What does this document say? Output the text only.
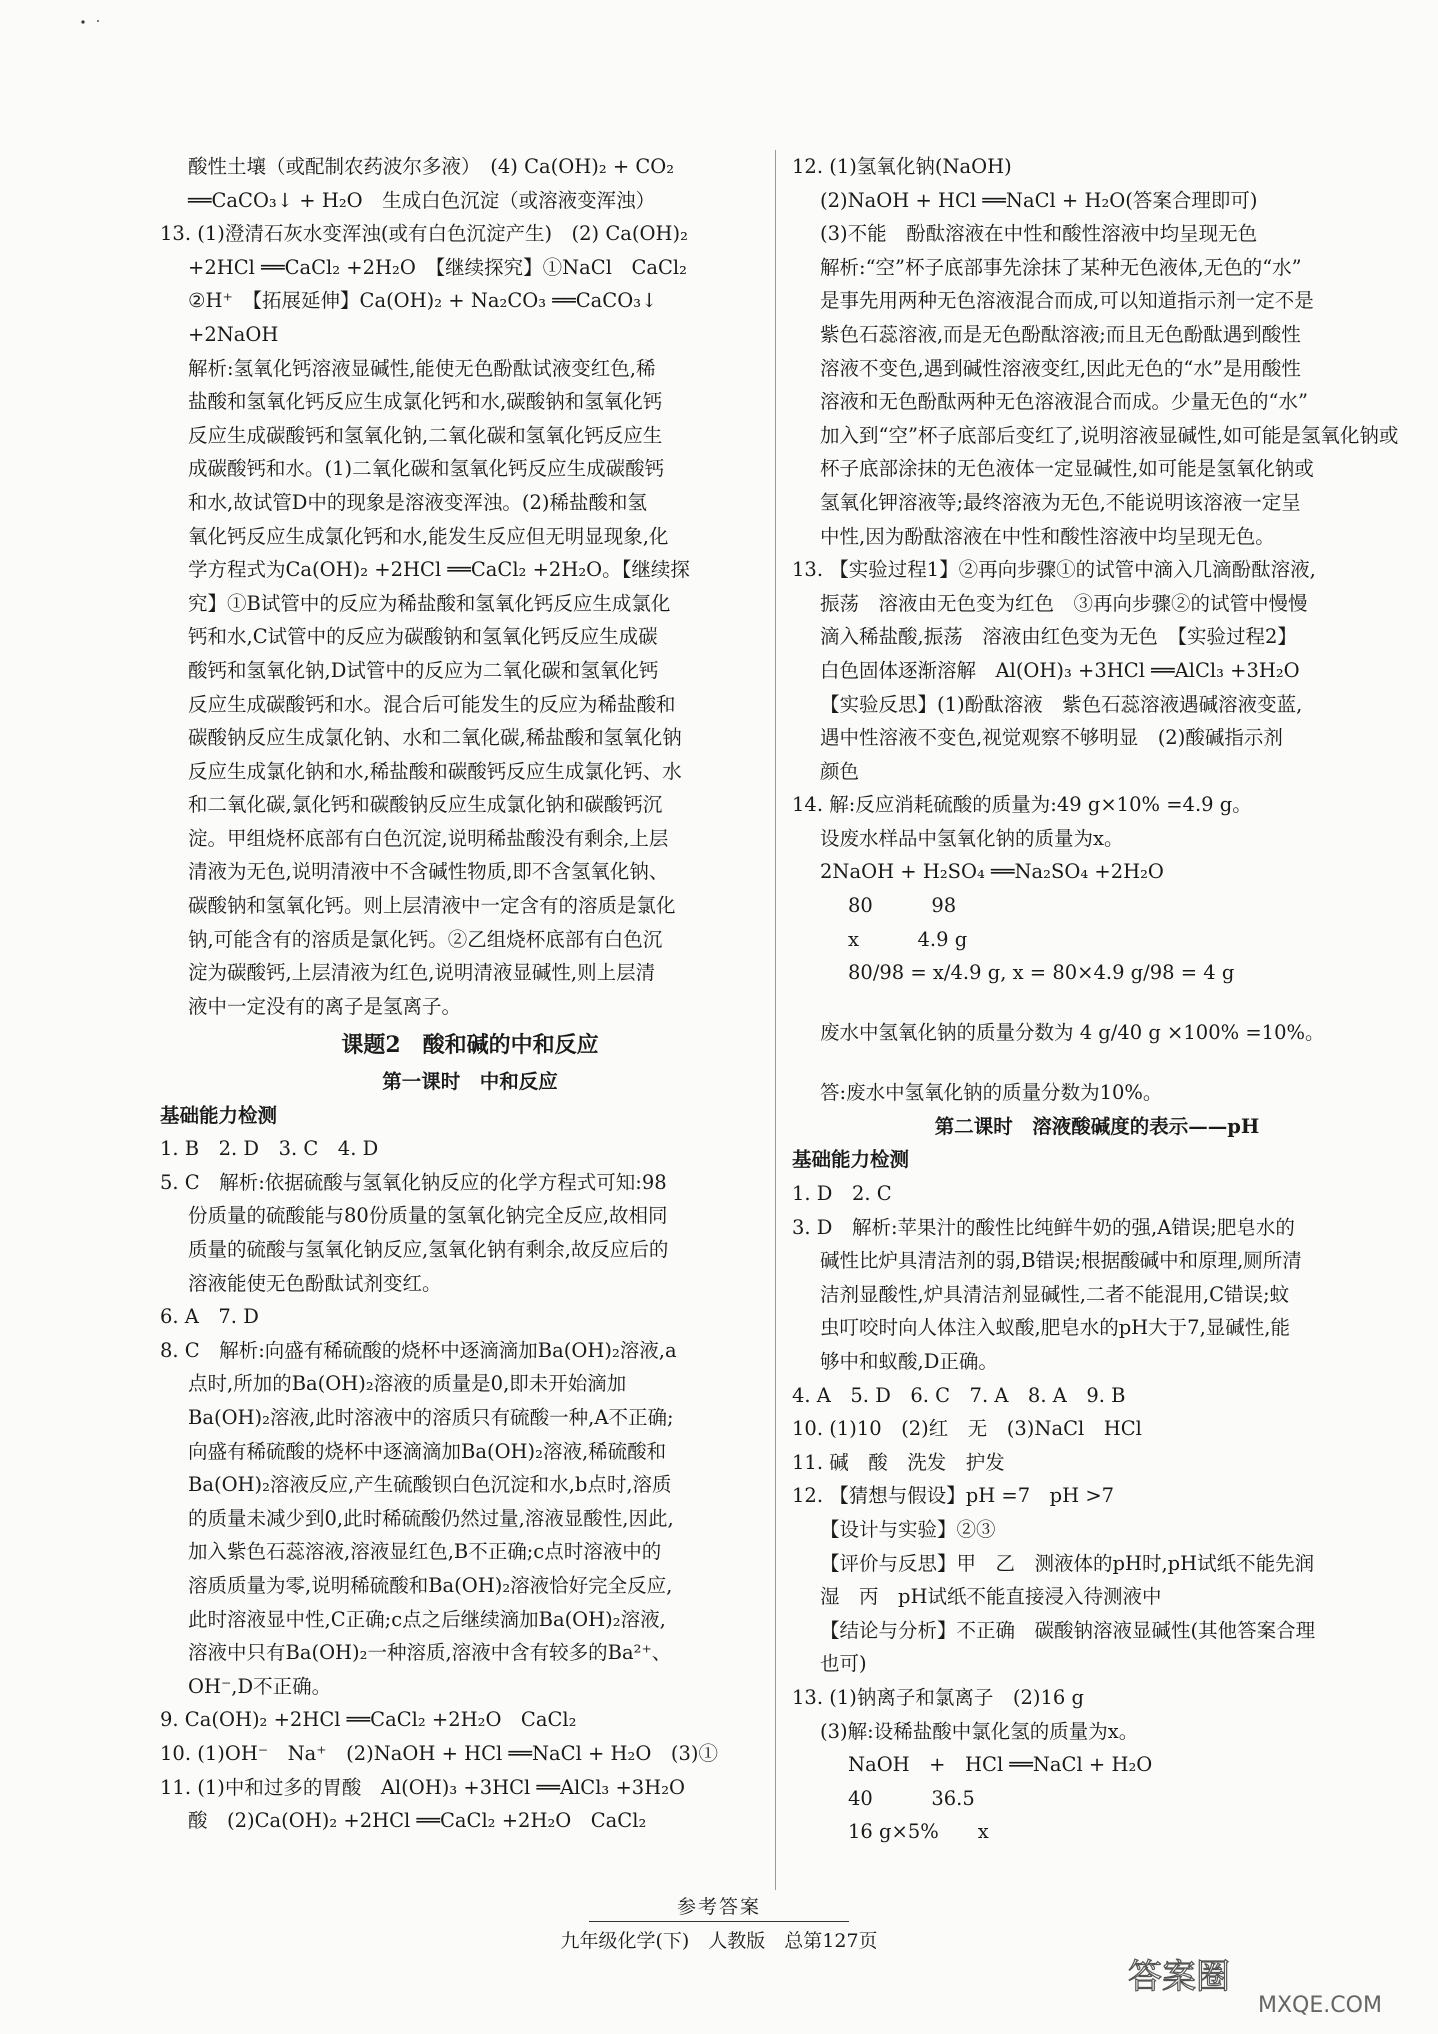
酸性土壤（或配制农药波尔多液）　(4) Ca(OH)₂ + CO₂
══CaCO₃↓ + H₂O　生成白色沉淀（或溶液变浑浊）
13. (1)澄清石灰水变浑浊(或有白色沉淀产生)　(2) Ca(OH)₂
+2HCl ══CaCl₂ +2H₂O　【继续探究】①NaCl　CaCl₂
②H⁺　【拓展延伸】Ca(OH)₂ + Na₂CO₃ ══CaCO₃↓
+2NaOH
解析:氢氧化钙溶液显碱性,能使无色酚酞试液变红色,稀
盐酸和氢氧化钙反应生成氯化钙和水,碳酸钠和氢氧化钙
反应生成碳酸钙和氢氧化钠,二氧化碳和氢氧化钙反应生
成碳酸钙和水。(1)二氧化碳和氢氧化钙反应生成碳酸钙
和水,故试管D中的现象是溶液变浑浊。(2)稀盐酸和氢
氧化钙反应生成氯化钙和水,能发生反应但无明显现象,化
学方程式为Ca(OH)₂ +2HCl ══CaCl₂ +2H₂O。【继续探
究】①B试管中的反应为稀盐酸和氢氧化钙反应生成氯化
钙和水,C试管中的反应为碳酸钠和氢氧化钙反应生成碳
酸钙和氢氧化钠,D试管中的反应为二氧化碳和氢氧化钙
反应生成碳酸钙和水。混合后可能发生的反应为稀盐酸和
碳酸钠反应生成氯化钠、水和二氧化碳,稀盐酸和氢氧化钠
反应生成氯化钠和水,稀盐酸和碳酸钙反应生成氯化钙、水
和二氧化碳,氯化钙和碳酸钠反应生成氯化钠和碳酸钙沉
淀。甲组烧杯底部有白色沉淀,说明稀盐酸没有剩余,上层
清液为无色,说明清液中不含碱性物质,即不含氢氧化钠、
碳酸钠和氢氧化钙。则上层清液中一定含有的溶质是氯化
钠,可能含有的溶质是氯化钙。②乙组烧杯底部有白色沉
淀为碳酸钙,上层清液为红色,说明清液显碱性,则上层清
液中一定没有的离子是氢离子。
课题2　酸和碱的中和反应
第一课时　中和反应
基础能力检测
1. B　2. D　3. C　4. D
5. C　解析:依据硫酸与氢氧化钠反应的化学方程式可知:98
份质量的硫酸能与80份质量的氢氧化钠完全反应,故相同
质量的硫酸与氢氧化钠反应,氢氧化钠有剩余,故反应后的
溶液能使无色酚酞试剂变红。
6. A　7. D
8. C　解析:向盛有稀硫酸的烧杯中逐滴滴加Ba(OH)₂溶液,a
点时,所加的Ba(OH)₂溶液的质量是0,即未开始滴加
Ba(OH)₂溶液,此时溶液中的溶质只有硫酸一种,A不正确;
向盛有稀硫酸的烧杯中逐滴滴加Ba(OH)₂溶液,稀硫酸和
Ba(OH)₂溶液反应,产生硫酸钡白色沉淀和水,b点时,溶质
的质量未减少到0,此时稀硫酸仍然过量,溶液显酸性,因此,
加入紫色石蕊溶液,溶液显红色,B不正确;c点时溶液中的
溶质质量为零,说明稀硫酸和Ba(OH)₂溶液恰好完全反应,
此时溶液显中性,C正确;c点之后继续滴加Ba(OH)₂溶液,
溶液中只有Ba(OH)₂一种溶质,溶液中含有较多的Ba²⁺、
OH⁻,D不正确。
9. Ca(OH)₂ +2HCl ══CaCl₂ +2H₂O　CaCl₂
10. (1)OH⁻　Na⁺　(2)NaOH + HCl ══NaCl + H₂O　(3)①
11. (1)中和过多的胃酸　Al(OH)₃ +3HCl ══AlCl₃ +3H₂O
酸　(2)Ca(OH)₂ +2HCl ══CaCl₂ +2H₂O　CaCl₂
12. (1)氢氧化钠(NaOH)
(2)NaOH + HCl ══NaCl + H₂O(答案合理即可)
(3)不能　酚酞溶液在中性和酸性溶液中均呈现无色
解析:“空”杯子底部事先涂抹了某种无色液体,无色的“水”
是事先用两种无色溶液混合而成,可以知道指示剂一定不是
紫色石蕊溶液,而是无色酚酞溶液;而且无色酚酞遇到酸性
溶液不变色,遇到碱性溶液变红,因此无色的“水”是用酸性
溶液和无色酚酞两种无色溶液混合而成。少量无色的“水”
加入到“空”杯子底部后变红了,说明溶液显碱性,如可能是氢氧化钠或
杯子底部涂抹的无色液体一定显碱性,如可能是氢氧化钠或
氢氧化钾溶液等;最终溶液为无色,不能说明该溶液一定呈
中性,因为酚酞溶液在中性和酸性溶液中均呈现无色。
13. 【实验过程1】②再向步骤①的试管中滴入几滴酚酞溶液,
振荡　溶液由无色变为红色　③再向步骤②的试管中慢慢
滴入稀盐酸,振荡　溶液由红色变为无色　【实验过程2】
白色固体逐渐溶解　Al(OH)₃ +3HCl ══AlCl₃ +3H₂O
【实验反思】(1)酚酞溶液　紫色石蕊溶液遇碱溶液变蓝,
遇中性溶液不变色,视觉观察不够明显　(2)酸碱指示剂
颜色
14. 解:反应消耗硫酸的质量为:49 g×10% =4.9 g。
设废水样品中氢氧化钠的质量为x。
2NaOH + H₂SO₄ ══Na₂SO₄ +2H₂O
80　　　98
x　　　4.9 g
80/98 = x/4.9 g, x = 80×4.9 g/98 = 4 g
废水中氢氧化钠的质量分数为 4 g/40 g ×100% =10%。
答:废水中氢氧化钠的质量分数为10%。
第二课时　溶液酸碱度的表示——pH
基础能力检测
1. D　2. C
3. D　解析:苹果汁的酸性比纯鲜牛奶的强,A错误;肥皂水的
碱性比炉具清洁剂的弱,B错误;根据酸碱中和原理,厕所清
洁剂显酸性,炉具清洁剂显碱性,二者不能混用,C错误;蚊
虫叮咬时向人体注入蚁酸,肥皂水的pH大于7,显碱性,能
够中和蚁酸,D正确。
4. A　5. D　6. C　7. A　8. A　9. B
10. (1)10　(2)红　无　(3)NaCl　HCl
11. 碱　酸　洗发　护发
12. 【猜想与假设】pH =7　pH >7
【设计与实验】②③
【评价与反思】甲　乙　测液体的pH时,pH试纸不能先润
湿　丙　pH试纸不能直接浸入待测液中
【结论与分析】不正确　碳酸钠溶液显碱性(其他答案合理
也可)
13. (1)钠离子和氯离子　(2)16 g
(3)解:设稀盐酸中氯化氢的质量为x。
NaOH　+　HCl ══NaCl + H₂O
40　　　36.5
16 g×5%　　x
参考答案
九年级化学(下)　人教版　总第127页
答案圈
MXQE.COM
